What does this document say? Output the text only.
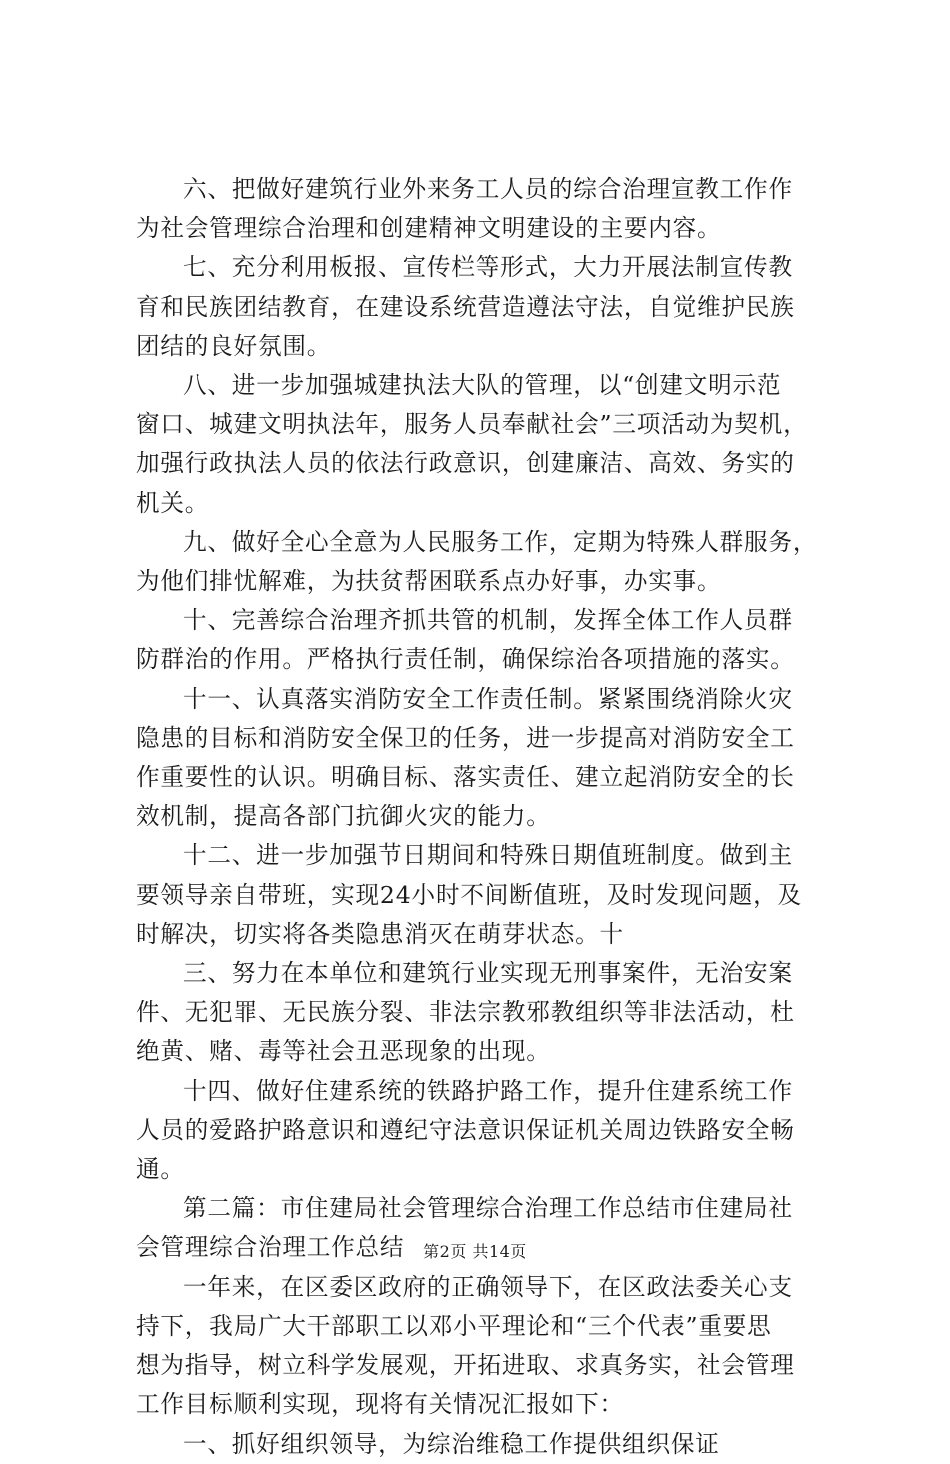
六、把做好建筑行业外来务工人员的综合治理宣教工作作
为社会管理综合治理和创建精神文明建设的主要内容。
七、充分利用板报、宣传栏等形式，大力开展法制宣传教
育和民族团结教育，在建设系统营造遵法守法，自觉维护民族
团结的良好氛围。
八、进一步加强城建执法大队的管理，以“创建文明示范
窗口、城建文明执法年，服务人员奉献社会”三项活动为契机，
加强行政执法人员的依法行政意识，创建廉洁、高效、务实的
机关。
九、做好全心全意为人民服务工作，定期为特殊人群服务，
为他们排忧解难，为扶贫帮困联系点办好事，办实事。
十、完善综合治理齐抓共管的机制，发挥全体工作人员群
防群治的作用。严格执行责任制，确保综治各项措施的落实。
十一、认真落实消防安全工作责任制。紧紧围绕消除火灾
隐患的目标和消防安全保卫的任务，进一步提高对消防安全工
作重要性的认识。明确目标、落实责任、建立起消防安全的长
效机制，提高各部门抗御火灾的能力。
十二、进一步加强节日期间和特殊日期值班制度。做到主
要领导亲自带班，实现24小时不间断值班，及时发现问题，及
时解决，切实将各类隐患消灭在萌芽状态。十
三、努力在本单位和建筑行业实现无刑事案件，无治安案
件、无犯罪、无民族分裂、非法宗教邪教组织等非法活动，杜
绝黄、赌、毒等社会丑恶现象的出现。
十四、做好住建系统的铁路护路工作，提升住建系统工作
人员的爱路护路意识和遵纪守法意识保证机关周边铁路安全畅
通。
第二篇：市住建局社会管理综合治理工作总结市住建局社
会管理综合治理工作总结
一年来，在区委区政府的正确领导下，在区政法委关心支
持下，我局广大干部职工以邓小平理论和“三个代表”重要思
想为指导，树立科学发展观，开拓进取、求真务实，社会管理
工作目标顺利实现，现将有关情况汇报如下：
一、抓好组织领导，为综治维稳工作提供组织保证
第2页 共14页
